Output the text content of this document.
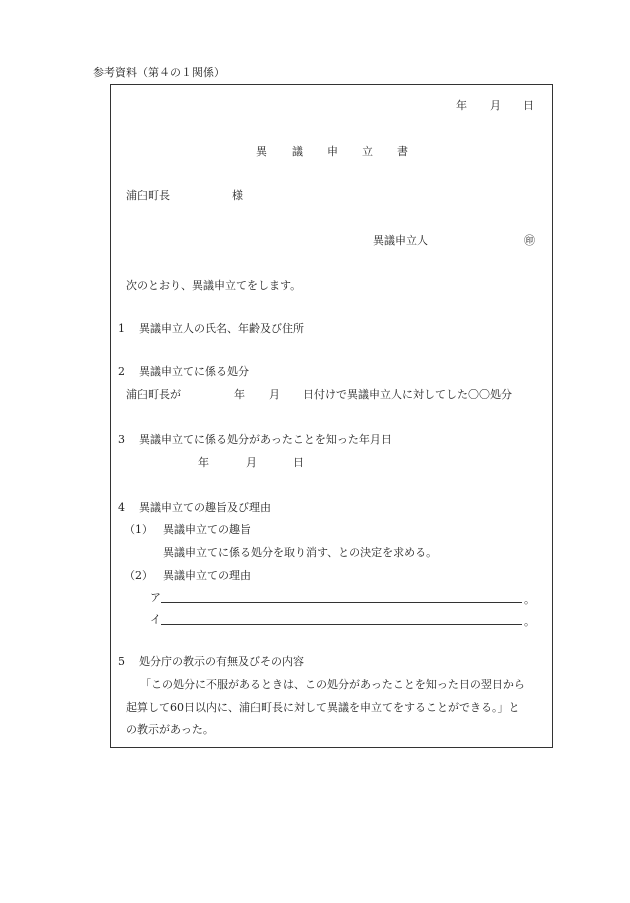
参考資料（第４の１関係）
年 月 日
異 議 申 立 書
浦臼町長	様
異議申立人	㊞
次のとおり、異議申立てをします。
1 異議申立人の氏名、年齢及び住所
2 異議申立てに係る処分
浦臼町長が	年 月 日付けで異議申立人に対してした〇〇処分
3 異議申立てに係る処分があったことを知った年月日
年	月	日
4 異議申立ての趣旨及び理由
（1） 異議申立ての趣旨
異議申立てに係る処分を取り消す、との決定を求める。
（2） 異議申立ての理由
ア	。
イ	。
5 処分庁の教示の有無及びその内容
「この処分に不服があるときは、この処分があったことを知った日の翌日から
起算して60日以内に、浦臼町長に対して異議を申立てをすることができる。」と
の教示があった。
